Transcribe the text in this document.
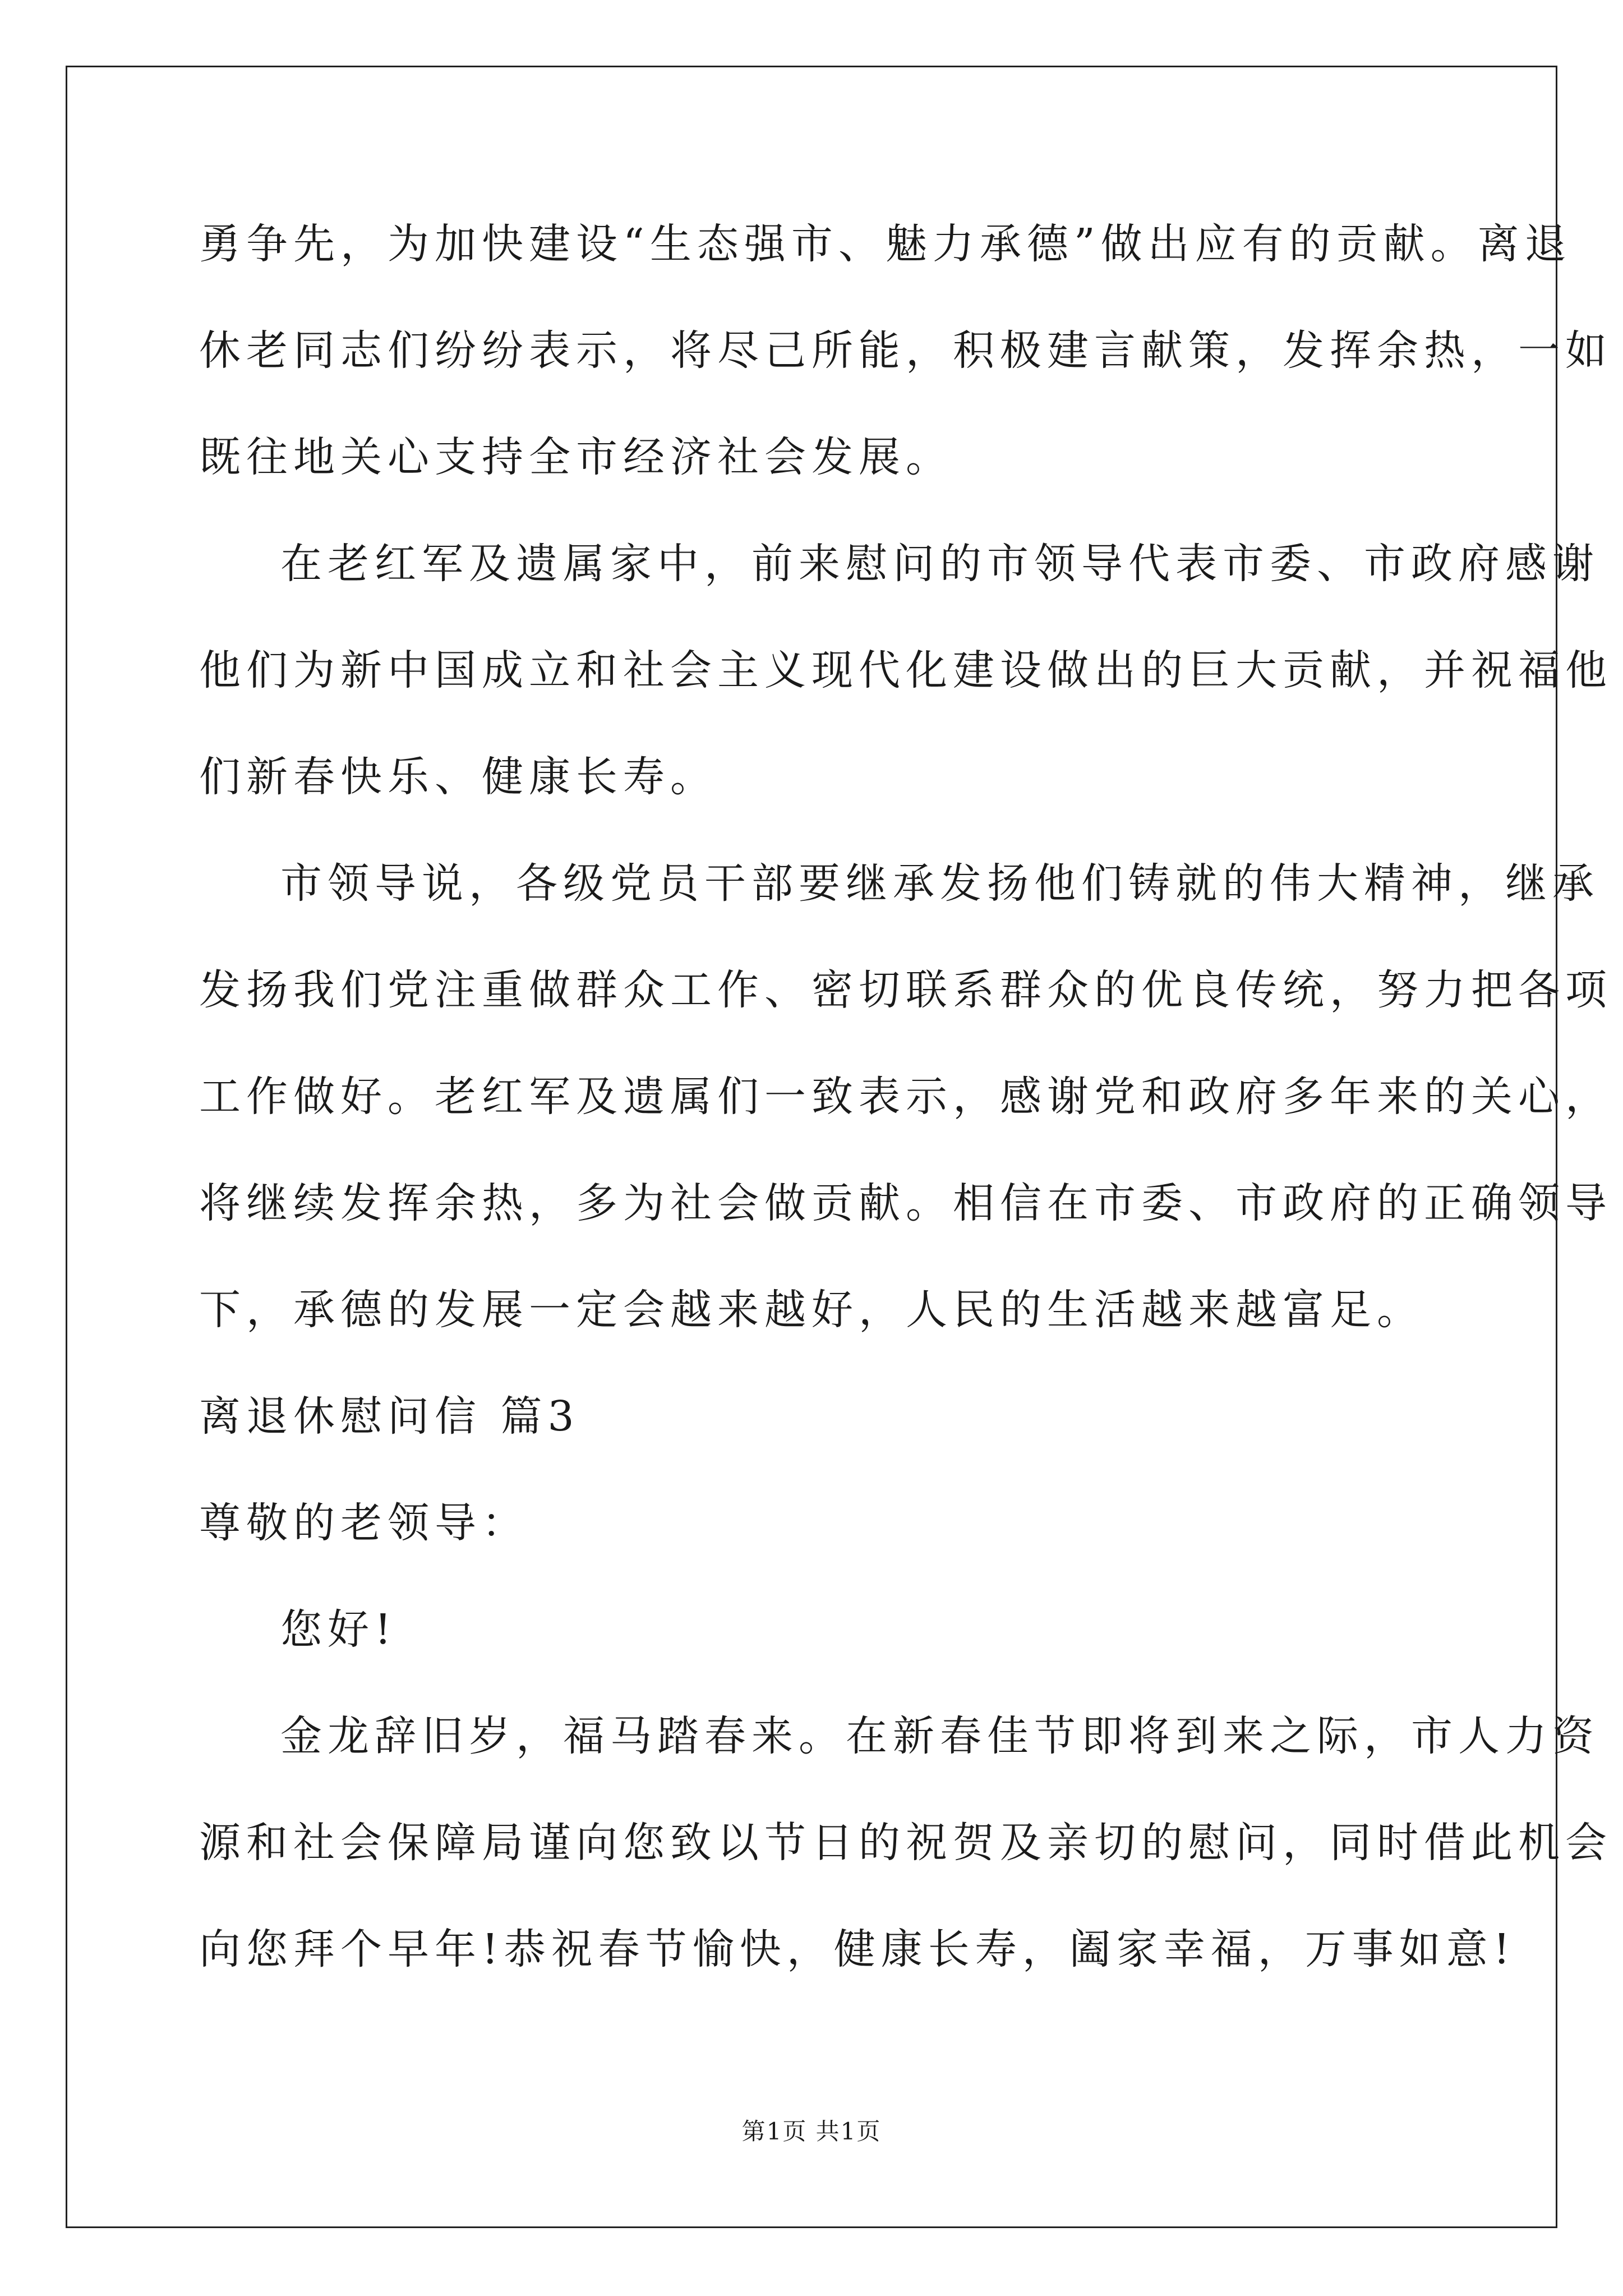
勇争先，为加快建设“生态强市、魅力承德”做出应有的贡献。离退
休老同志们纷纷表示，将尽己所能，积极建言献策，发挥余热，一如
既往地关心支持全市经济社会发展。
在老红军及遗属家中，前来慰问的市领导代表市委、市政府感谢
他们为新中国成立和社会主义现代化建设做出的巨大贡献，并祝福他
们新春快乐、健康长寿。
市领导说，各级党员干部要继承发扬他们铸就的伟大精神，继承
发扬我们党注重做群众工作、密切联系群众的优良传统，努力把各项
工作做好。老红军及遗属们一致表示，感谢党和政府多年来的关心，
将继续发挥余热，多为社会做贡献。相信在市委、市政府的正确领导
下，承德的发展一定会越来越好，人民的生活越来越富足。
离退休慰问信 篇3
尊敬的老领导：
您好!
金龙辞旧岁，福马踏春来。在新春佳节即将到来之际，市人力资
源和社会保障局谨向您致以节日的祝贺及亲切的慰问，同时借此机会
向您拜个早年!恭祝春节愉快，健康长寿，阖家幸福，万事如意!
第1页 共1页
